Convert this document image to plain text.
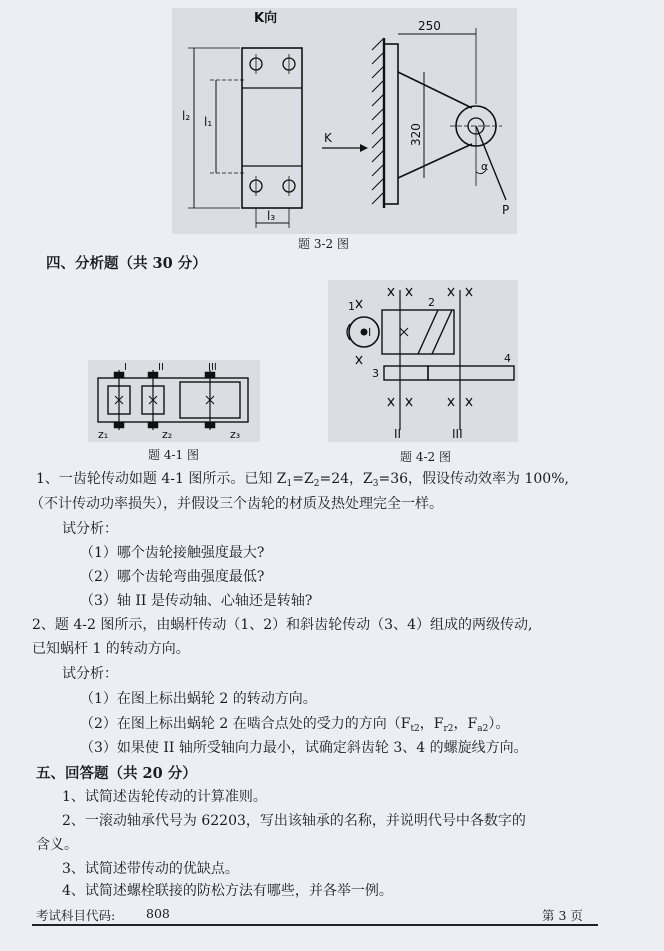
K向
l₂ l₁
l₃
250
320
K
α
P
题 3-2 图
四、分析题（共 30 分）
I	II	III
z₁	z₂	z₃
题 4-1 图
1	2
3
4
I
II	III
题 4-2 图
1、一齿轮传动如题 4-1 图所示。已知 $Z_1=Z_2=24$，$Z_3=36$，假设传动效率为 100%,
（不计传动功率损失），并假设三个齿轮的材质及热处理完全一样。
试分析：
（1）哪个齿轮接触强度最大?
（2）哪个齿轮弯曲强度最低?
（3）轴 II 是传动轴、心轴还是转轴?
2、题 4-2 图所示，由蜗杆传动（1、2）和斜齿轮传动（3、4）组成的两级传动,
已知蜗杆 1 的转动方向。
试分析：
（1）在图上标出蜗轮 2 的转动方向。
（2）在图上标出蜗轮 2 在啮合点处的受力的方向（$F_{t2}$，$F_{r2}$，$F_{a2}$）。
（3）如果使 II 轴所受轴向力最小，试确定斜齿轮 3、4 的螺旋线方向。
五、回答题（共 20 分）
1、试简述齿轮传动的计算准则。
2、一滚动轴承代号为 62203，写出该轴承的名称，并说明代号中各数字的
含义。
3、试简述带传动的优缺点。
4、试简述螺栓联接的防松方法有哪些，并各举一例。
考试科目代码: 808	第 3 页
